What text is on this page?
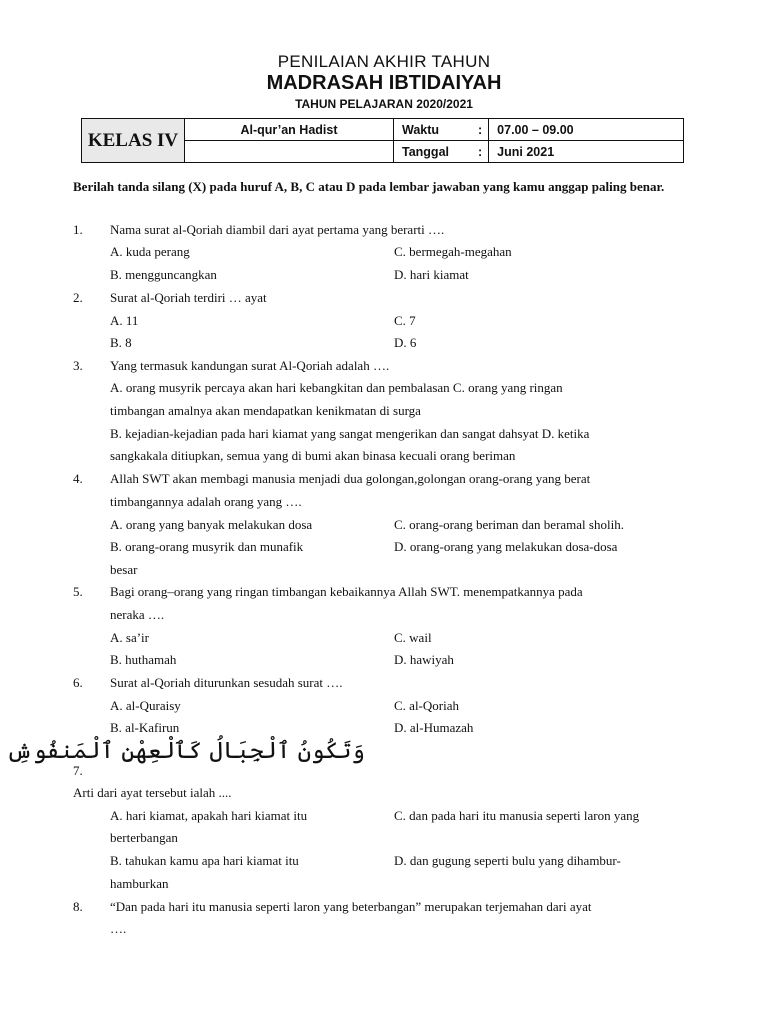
PENILAIAN AKHIR TAHUN
MADRASAH IBTIDAIYAH
TAHUN PELAJARAN 2020/2021
KELAS IV	Al-qur’an Hadist	Waktu	:	07.00 – 09.00
		Tanggal	:	Juni 2021
Berilah tanda silang (X) pada huruf A, B, C atau D pada lembar jawaban yang kamu anggap paling benar.
1. Nama surat al-Qoriah diambil dari ayat pertama yang berarti ….
A. kuda perang	C. bermegah-megahan
B. mengguncangkan	D. hari kiamat
2. Surat al-Qoriah terdiri … ayat
A. 11	C. 7
B. 8	D. 6
3. Yang termasuk kandungan surat Al-Qoriah adalah ….
A. orang musyrik percaya akan hari kebangkitan dan pembalasan C. orang yang ringan
timbangan amalnya akan mendapatkan kenikmatan di surga
B. kejadian-kejadian pada hari kiamat yang sangat mengerikan dan sangat dahsyat D. ketika
sangkakala ditiupkan, semua yang di bumi akan binasa kecuali orang beriman
4. Allah SWT akan membagi manusia menjadi dua golongan,golongan orang-orang yang berat
timbangannya adalah orang yang ….
A. orang yang banyak melakukan dosa	C. orang-orang beriman dan beramal sholih.
B. orang-orang musyrik dan munafik	D. orang-orang yang melakukan dosa-dosa
besar
5. Bagi orang–orang yang ringan timbangan kebaikannya Allah SWT. menempatkannya pada
neraka ….
A. sa’ir	C. wail
B. huthamah	D. hawiyah
6. Surat al-Qoriah diturunkan sesudah surat ….
A. al-Quraisy	C. al-Qoriah
B. al-Kafirun	D. al-Humazah
وَتَكُونُ ٱلْجِبَالُ كَٱلْعِهْنِ ٱلْمَنفُوشِ
7.
Arti dari ayat tersebut ialah ....
A. hari kiamat, apakah hari kiamat itu	C. dan pada hari itu manusia seperti laron yang
berterbangan
B. tahukan kamu apa hari kiamat itu	D. dan gugung seperti bulu yang dihambur-
hamburkan
8. “Dan pada hari itu manusia seperti laron yang beterbangan” merupakan terjemahan dari ayat
….
